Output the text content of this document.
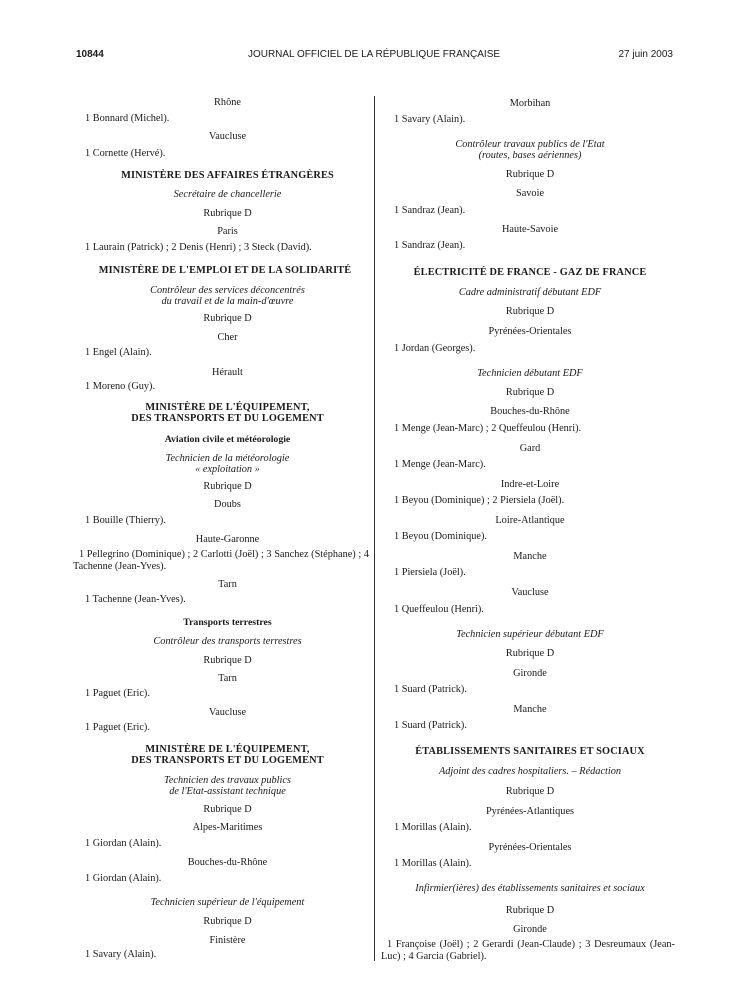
10844	JOURNAL OFFICIEL DE LA RÉPUBLIQUE FRANÇAISE	27 juin 2003
Rhône
1 Bonnard (Michel).
Vaucluse
1 Cornette (Hervé).
MINISTÈRE DES AFFAIRES ÉTRANGÈRES
Secrétaire de chancellerie
Rubrique D
Paris
1 Laurain (Patrick) ; 2 Denis (Henri) ; 3 Steck (David).
MINISTÈRE DE L'EMPLOI ET DE LA SOLIDARITÉ
Contrôleur des services déconcentrés
du travail et de la main-d'œuvre
Rubrique D
Cher
1 Engel (Alain).
Hérault
1 Moreno (Guy).
MINISTÈRE DE L'ÉQUIPEMENT,
DES TRANSPORTS ET DU LOGEMENT
Aviation civile et météorologie
Technicien de la météorologie
« exploitation »
Rubrique D
Doubs
1 Bouille (Thierry).
Haute-Garonne
1 Pellegrino (Dominique) ; 2 Carlotti (Joël) ; 3 Sanchez (Stéphane) ; 4 Tachenne (Jean-Yves).
Tarn
1 Tachenne (Jean-Yves).
Transports terrestres
Contrôleur des transports terrestres
Rubrique D
Tarn
1 Paguet (Eric).
Vaucluse
1 Paguet (Eric).
MINISTÈRE DE L'ÉQUIPEMENT,
DES TRANSPORTS ET DU LOGEMENT
Technicien des travaux publics
de l'Etat-assistant technique
Rubrique D
Alpes-Maritimes
1 Giordan (Alain).
Bouches-du-Rhône
1 Giordan (Alain).
Technicien supérieur de l'équipement
Rubrique D
Finistère
1 Savary (Alain).
Morbihan
1 Savary (Alain).
Contrôleur travaux publics de l'Etat
(routes, bases aériennes)
Rubrique D
Savoie
1 Sandraz (Jean).
Haute-Savoie
1 Sandraz (Jean).
ÉLECTRICITÉ DE FRANCE - GAZ DE FRANCE
Cadre administratif débutant EDF
Rubrique D
Pyrénées-Orientales
1 Jordan (Georges).
Technicien débutant EDF
Rubrique D
Bouches-du-Rhône
1 Menge (Jean-Marc) ; 2 Queffeulou (Henri).
Gard
1 Menge (Jean-Marc).
Indre-et-Loire
1 Beyou (Dominique) ; 2 Piersiela (Joël).
Loire-Atlantique
1 Beyou (Dominique).
Manche
1 Piersiela (Joël).
Vaucluse
1 Queffeulou (Henri).
Technicien supérieur débutant EDF
Rubrique D
Gironde
1 Suard (Patrick).
Manche
1 Suard (Patrick).
ÉTABLISSEMENTS SANITAIRES ET SOCIAUX
Adjoint des cadres hospitaliers. – Rédaction
Rubrique D
Pyrénées-Atlantiques
1 Morillas (Alain).
Pyrénées-Orientales
1 Morillas (Alain).
Infirmier(ières) des établissements sanitaires et sociaux
Rubrique D
Gironde
1 Françoise (Joël) ; 2 Gerardi (Jean-Claude) ; 3 Desreumaux (Jean-Luc) ; 4 Garcia (Gabriel).
